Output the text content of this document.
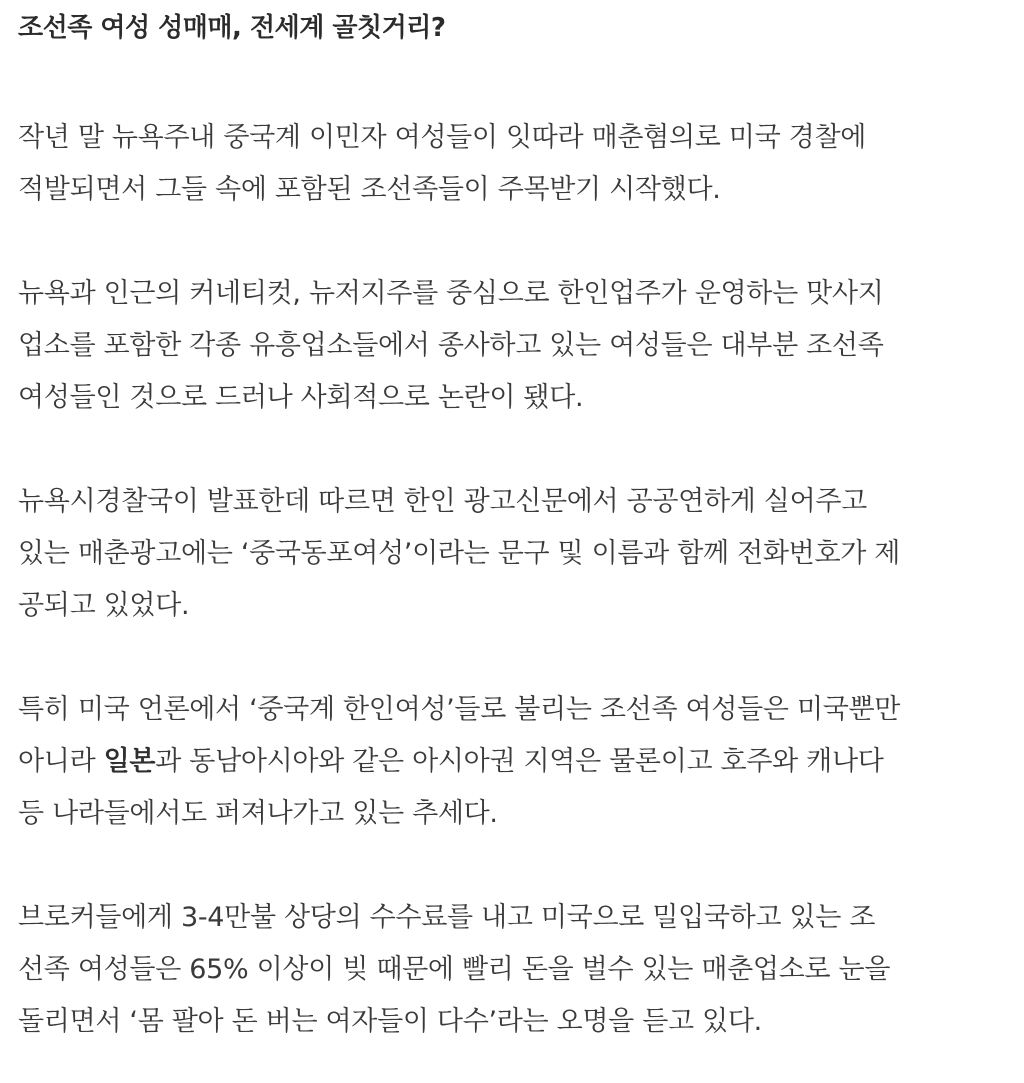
조선족 여성 성매매, 전세계 골칫거리?

작년 말 뉴욕주내 중국계 이민자 여성들이 잇따라 매춘혐의로 미국 경찰에
적발되면서 그들 속에 포함된 조선족들이 주목받기 시작했다.

뉴욕과 인근의 커네티컷, 뉴저지주를 중심으로 한인업주가 운영하는 맛사지
업소를 포함한 각종 유흥업소들에서 종사하고 있는 여성들은 대부분 조선족
여성들인 것으로 드러나 사회적으로 논란이 됐다.

뉴욕시경찰국이 발표한데 따르면 한인 광고신문에서 공공연하게 실어주고
있는 매춘광고에는 ‘중국동포여성’이라는 문구 및 이름과 함께 전화번호가 제
공되고 있었다.

특히 미국 언론에서 ‘중국계 한인여성’들로 불리는 조선족 여성들은 미국뿐만
아니라 일본과 동남아시아와 같은 아시아권 지역은 물론이고 호주와 캐나다
등 나라들에서도 퍼져나가고 있는 추세다.

브로커들에게 3-4만불 상당의 수수료를 내고 미국으로 밀입국하고 있는 조
선족 여성들은 65% 이상이 빚 때문에 빨리 돈을 벌수 있는 매춘업소로 눈을
돌리면서 ‘몸 팔아 돈 버는 여자들이 다수’라는 오명을 듣고 있다.
